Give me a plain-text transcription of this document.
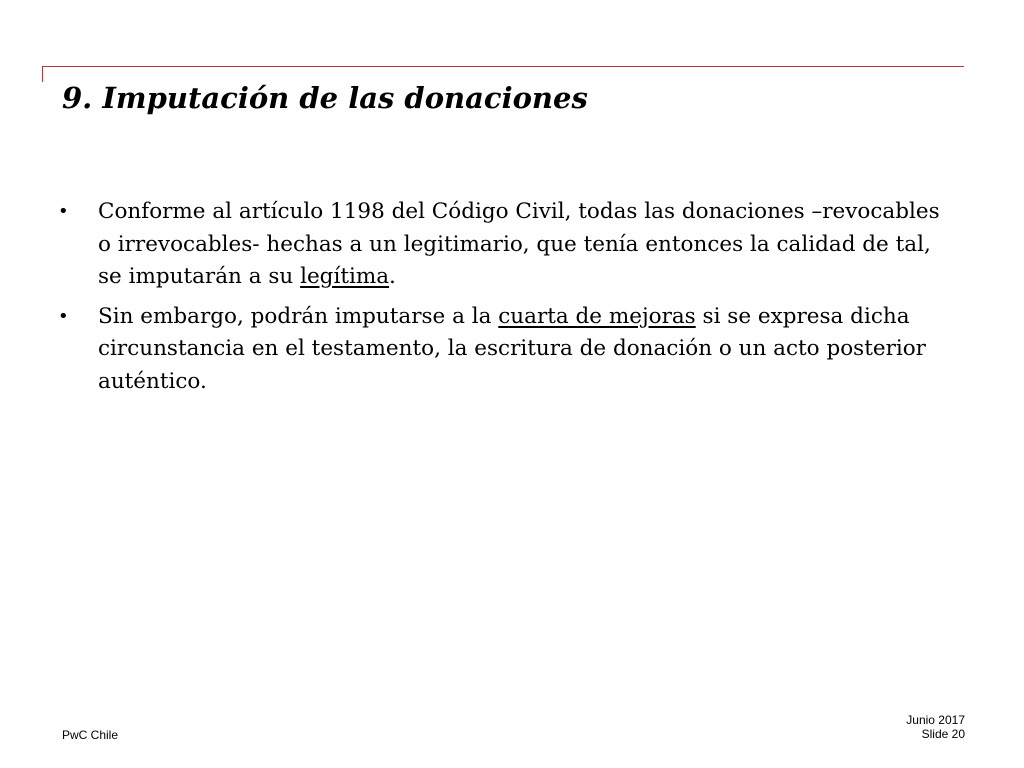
9. Imputación de las donaciones
•	Conforme al artículo 1198 del Código Civil, todas las donaciones –revocables o irrevocables- hechas a un legitimario, que tenía entonces la calidad de tal, se imputarán a su legítima.
•	Sin embargo, podrán imputarse a la cuarta de mejoras si se expresa dicha circunstancia en el testamento, la escritura de donación o un acto posterior auténtico.
PwC Chile
Junio 2017
Slide 20
